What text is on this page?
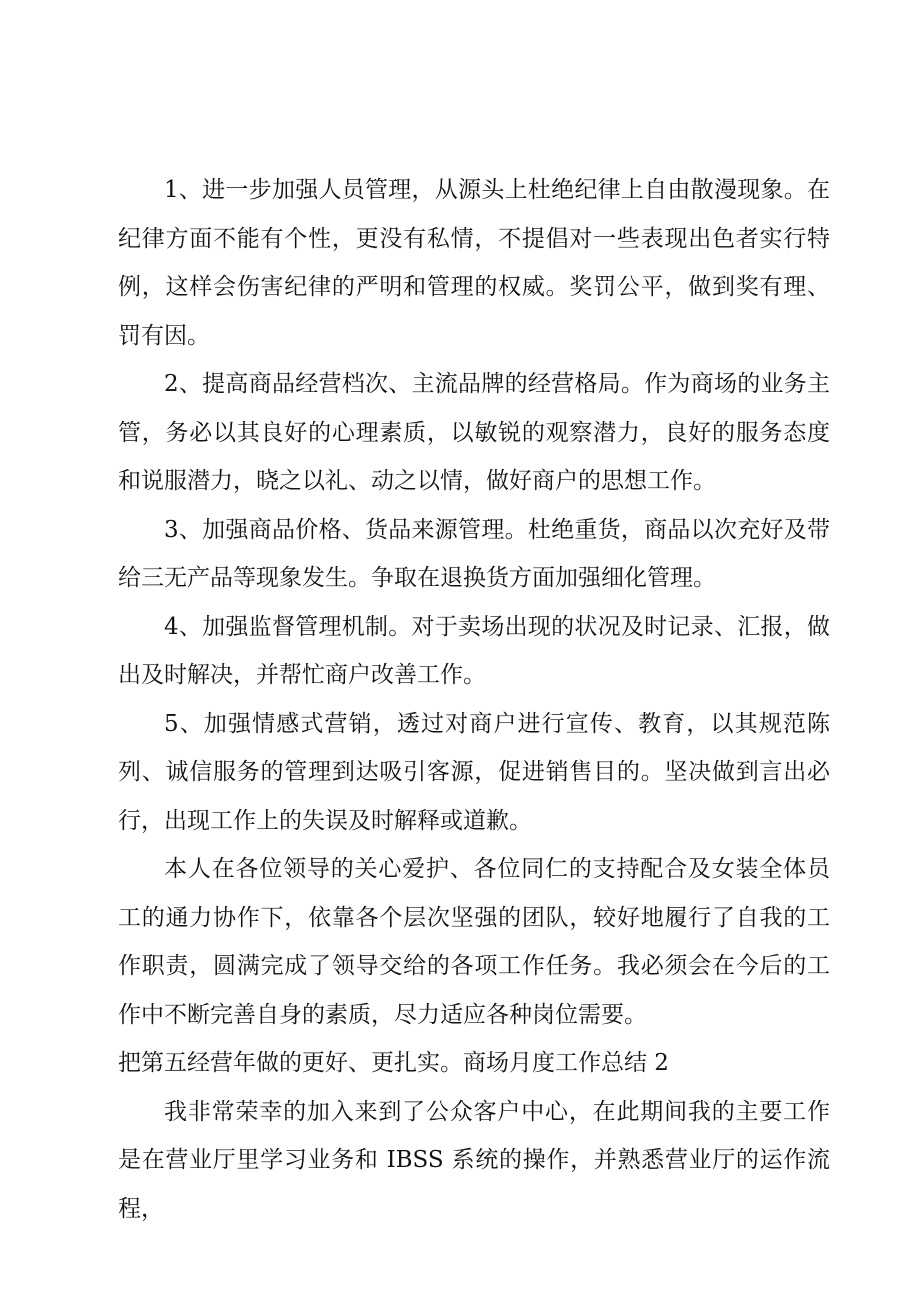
1、进一步加强人员管理，从源头上杜绝纪律上自由散漫现象。在纪律方面不能有个性，更没有私情，不提倡对一些表现出色者实行特例，这样会伤害纪律的严明和管理的权威。奖罚公平，做到奖有理、罚有因。

2、提高商品经营档次、主流品牌的经营格局。作为商场的业务主管，务必以其良好的心理素质，以敏锐的观察潜力，良好的服务态度和说服潜力，晓之以礼、动之以情，做好商户的思想工作。

3、加强商品价格、货品来源管理。杜绝重货，商品以次充好及带给三无产品等现象发生。争取在退换货方面加强细化管理。

4、加强监督管理机制。对于卖场出现的状况及时记录、汇报，做出及时解决，并帮忙商户改善工作。

5、加强情感式营销，透过对商户进行宣传、教育，以其规范陈列、诚信服务的管理到达吸引客源，促进销售目的。坚决做到言出必行，出现工作上的失误及时解释或道歉。

本人在各位领导的关心爱护、各位同仁的支持配合及女装全体员工的通力协作下，依靠各个层次坚强的团队，较好地履行了自我的工作职责，圆满完成了领导交给的各项工作任务。我必须会在今后的工作中不断完善自身的素质，尽力适应各种岗位需要。

把第五经营年做的更好、更扎实。商场月度工作总结 2

我非常荣幸的加入来到了公众客户中心，在此期间我的主要工作是在营业厅里学习业务和 IBSS 系统的操作，并熟悉营业厅的运作流程，
